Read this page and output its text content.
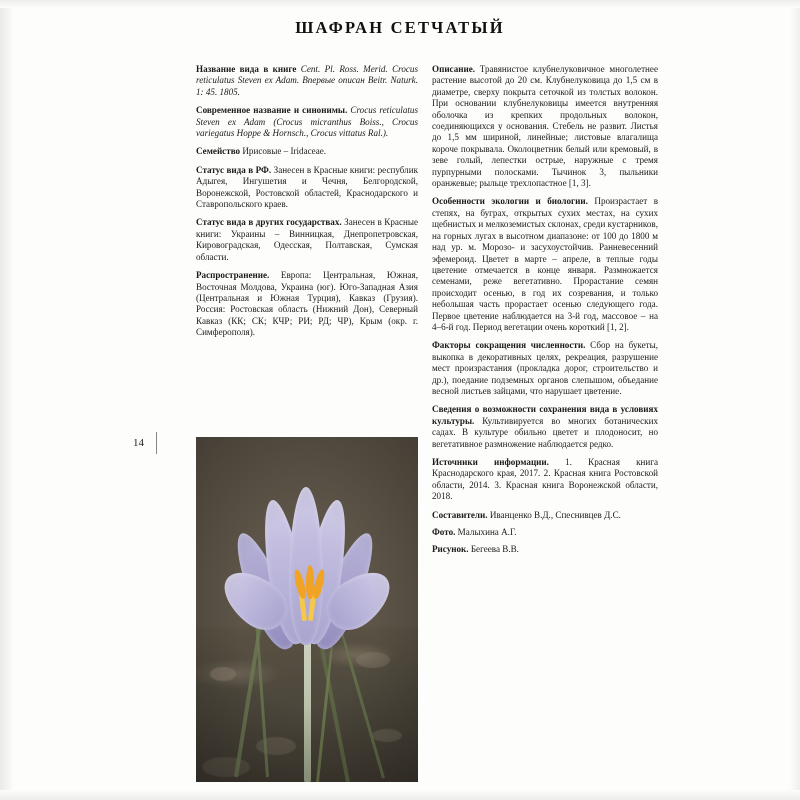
ШАФРАН СЕТЧАТЫЙ
14

Название вида в книге Cent. Pl. Ross. Merid. Crocus reticulatus Steven ex Adam. Впервые описан Beitr. Naturk. 1: 45. 1805.

Современное название и синонимы. Crocus reticulatus Steven ex Adam (Crocus micranthus Boiss., Crocus variegatus Hoppe & Hornsch., Crocus vittatus Ral.).

Семейство Ирисовые – Iridaceae.

Статус вида в РФ. Занесен в Красные книги: республик Адыгея, Ингушетия и Чечня, Белгородской, Воронежской, Ростовской областей, Краснодарского и Ставропольского краев.

Статус вида в других государствах. Занесен в Красные книги: Украины – Винницкая, Днепропетровская, Кировоградская, Одесская, Полтавская, Сумская области.

Распространение. Европа: Центральная, Южная, Восточная Молдова, Украина (юг). Юго-Западная Азия (Центральная и Южная Турция), Кавказ (Грузия). Россия: Ростовская область (Нижний Дон), Северный Кавказ (КК; СК; КЧР; РИ; РД; ЧР), Крым (окр. г. Симферополя).

Описание. Травянистое клубнелуковичное многолетнее растение высотой до 20 см. Клубнелуковица до 1,5 см в диаметре, сверху покрыта сеточкой из толстых волокон. При основании клубнелуковицы имеется внутренняя оболочка из крепких продольных волокон, соединяющихся у основания. Стебель не развит. Листья до 1,5 мм шириной, линейные; листовые влагалища короче покрывала. Околоцветник белый или кремовый, в зеве голый, лепестки острые, наружные с тремя пурпурными полосками. Тычинок 3, пыльники оранжевые; рыльце трехлопастное [1, 3].

Особенности экологии и биологии. Произрастает в степях, на буграх, открытых сухих местах, на сухих щебнистых и мелкоземистых склонах, среди кустарников, на горных лугах в высотном диапазоне: от 100 до 1800 м над ур. м. Морозо- и засухоустойчив. Ранневесенний эфемероид. Цветет в марте – апреле, в теплые годы цветение отмечается в конце января. Размножается семенами, реже вегетативно. Прорастание семян происходит осенью, в год их созревания, и только небольшая часть прорастает осенью следующего года. Первое цветение наблюдается на 3-й год, массовое – на 4–6-й год. Период вегетации очень короткий [1, 2].

Факторы сокращения численности. Сбор на букеты, выкопка в декоративных целях, рекреация, разрушение мест произрастания (прокладка дорог, строительство и др.), поедание подземных органов слепышом, объедание весной листьев зайцами, что нарушает цветение.

Сведения о возможности сохранения вида в условиях культуры. Культивируется во многих ботанических садах. В культуре обильно цветет и плодоносит, но вегетативное размножение наблюдается редко.

Источники информации. 1. Красная книга Краснодарского края, 2017. 2. Красная книга Ростовской области, 2014. 3. Красная книга Воронежской области, 2018.

Составители. Иванценко В.Д., Спеснивцев Д.С.

Фото. Малыхина А.Г.

Рисунок. Бегеева В.В.
